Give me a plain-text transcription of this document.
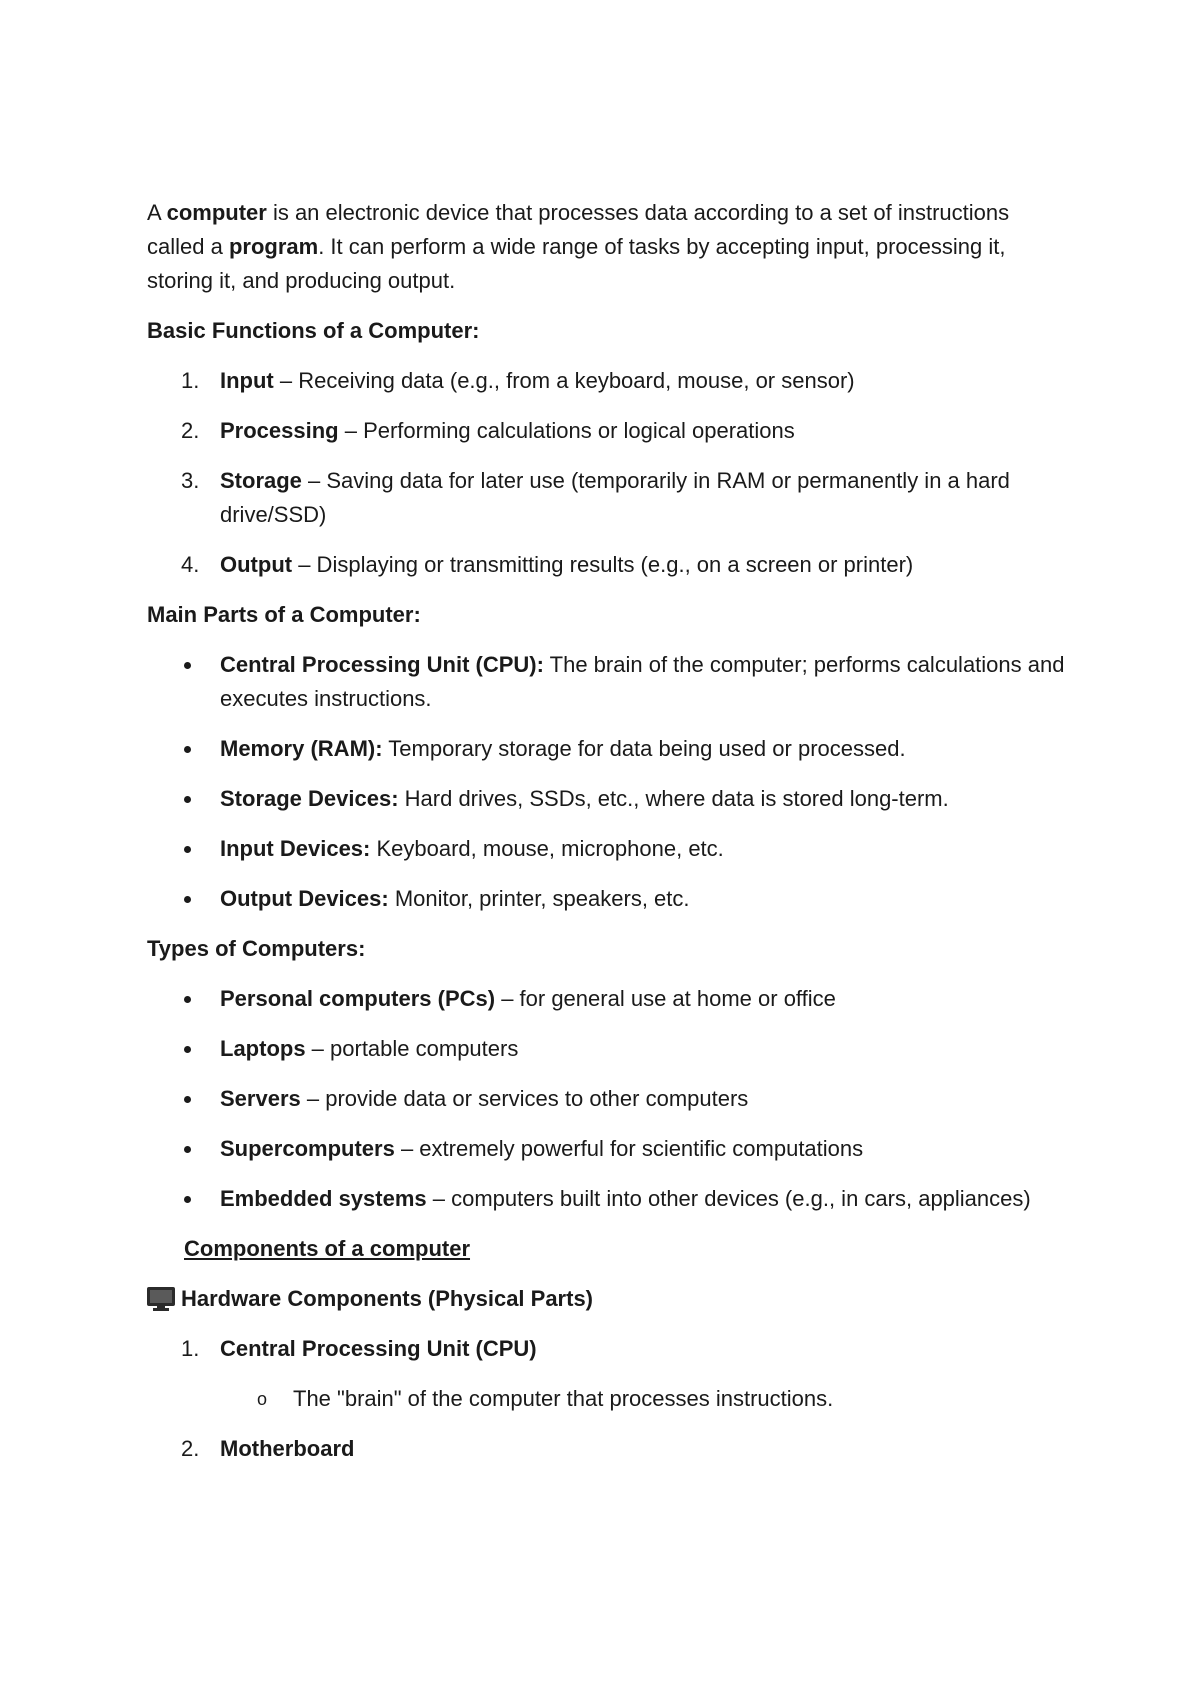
A computer is an electronic device that processes data according to a set of instructions called a program. It can perform a wide range of tasks by accepting input, processing it, storing it, and producing output.

Basic Functions of a Computer:

1. Input – Receiving data (e.g., from a keyboard, mouse, or sensor)
2. Processing – Performing calculations or logical operations
3. Storage – Saving data for later use (temporarily in RAM or permanently in a hard drive/SSD)
4. Output – Displaying or transmitting results (e.g., on a screen or printer)

Main Parts of a Computer:

Central Processing Unit (CPU): The brain of the computer; performs calculations and executes instructions.
Memory (RAM): Temporary storage for data being used or processed.
Storage Devices: Hard drives, SSDs, etc., where data is stored long-term.
Input Devices: Keyboard, mouse, microphone, etc.
Output Devices: Monitor, printer, speakers, etc.

Types of Computers:

Personal computers (PCs) – for general use at home or office
Laptops – portable computers
Servers – provide data or services to other computers
Supercomputers – extremely powerful for scientific computations
Embedded systems – computers built into other devices (e.g., in cars, appliances)

Components of a computer

Hardware Components (Physical Parts)

1. Central Processing Unit (CPU)
o The "brain" of the computer that processes instructions.
2. Motherboard
